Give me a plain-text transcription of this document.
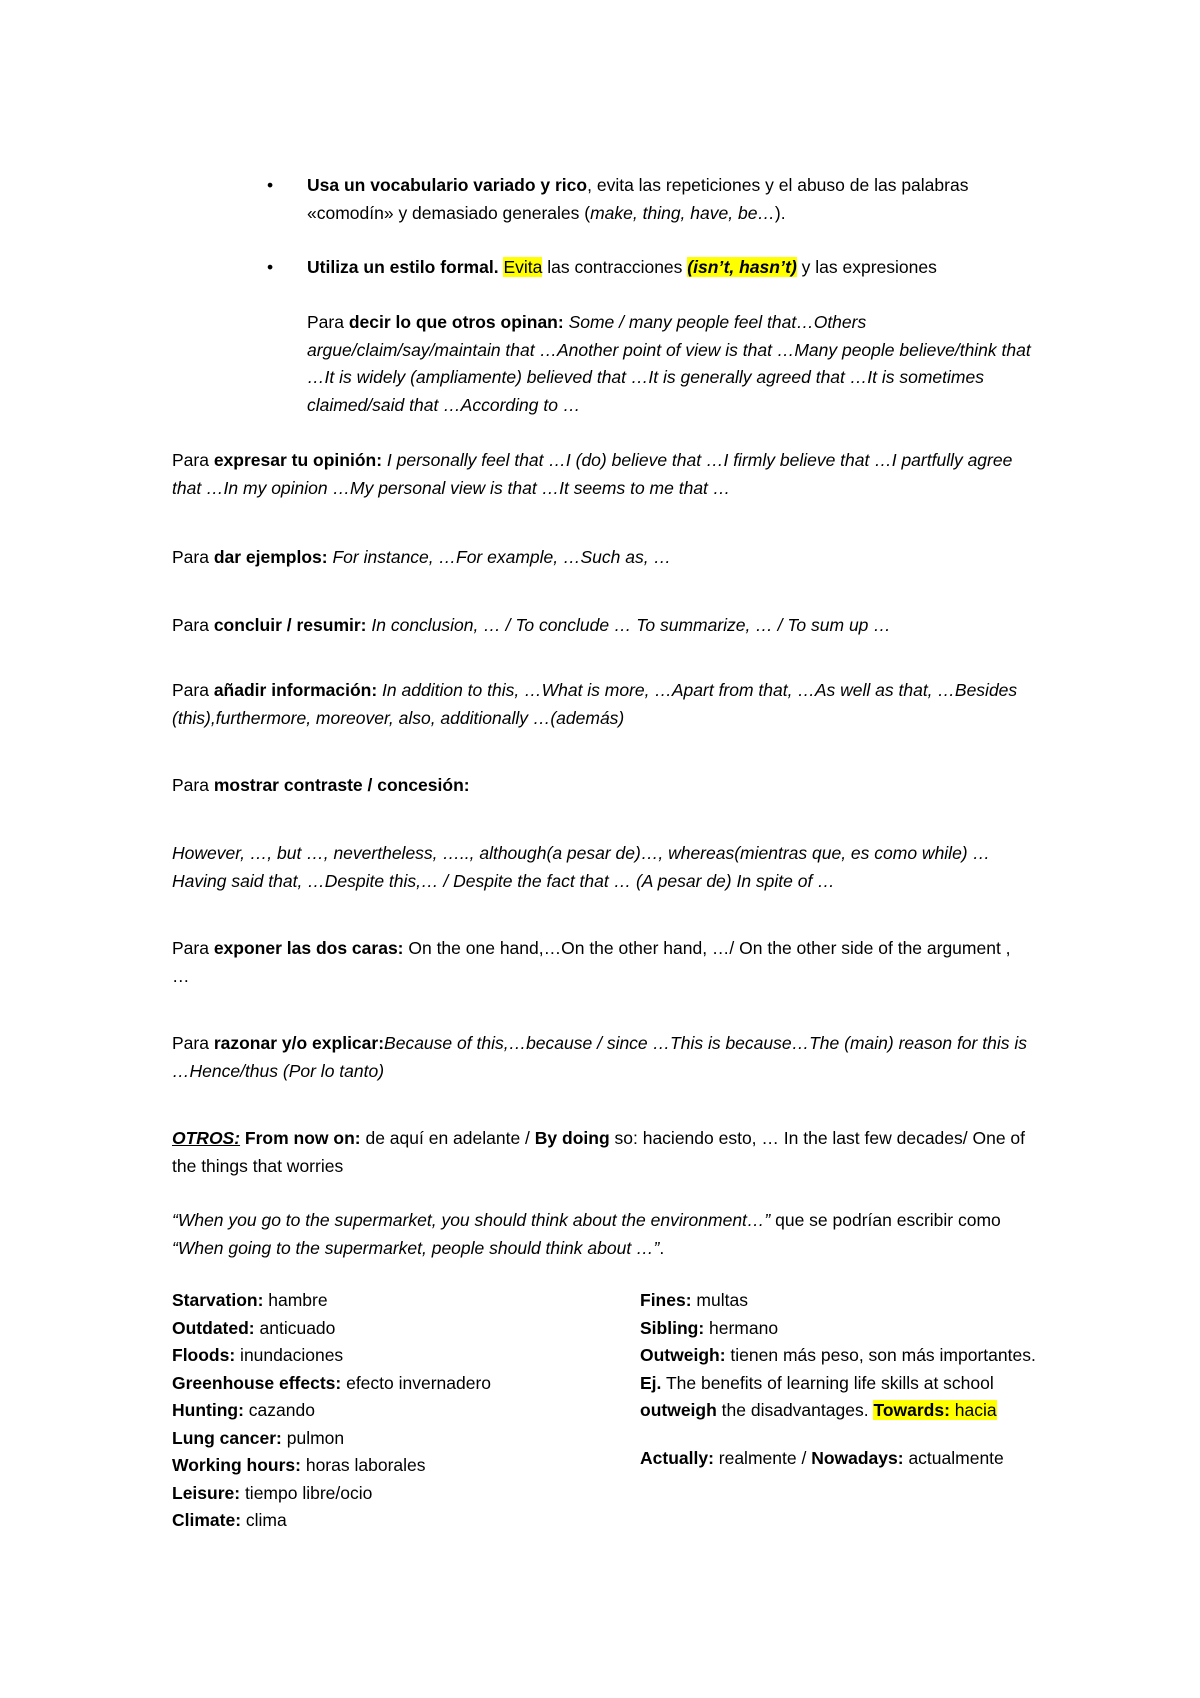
• Usa un vocabulario variado y rico, evita las repeticiones y el abuso de las palabras «comodín» y demasiado generales (make, thing, have, be…).

• Utiliza un estilo formal. Evita las contracciones (isn’t, hasn’t) y las expresiones

Para decir lo que otros opinan: Some / many people feel that…Others argue/claim/say/maintain that …Another point of view is that …Many people believe/think that …It is widely (ampliamente) believed that …It is generally agreed that …It is sometimes claimed/said that …According to …

Para expresar tu opinión: I personally feel that …I (do) believe that …I firmly believe that …I partfully agree that …In my opinion …My personal view is that …It seems to me that …

Para dar ejemplos: For instance, …For example, …Such as, …

Para concluir / resumir: In conclusion, … / To conclude … To summarize, … / To sum up …

Para añadir información: In addition to this, …What is more, …Apart from that, …As well as that, …Besides (this),furthermore, moreover, also, additionally …(además)

Para mostrar contraste / concesión:

However, …, but …, nevertheless, ….., although(a pesar de)…, whereas(mientras que, es como while) …Having said that, …Despite this,… / Despite the fact that … (A pesar de) In spite of …

Para exponer las dos caras: On the one hand,…On the other hand, …/ On the other side of the argument , …

Para razonar y/o explicar:Because of this,…because / since …This is because…The (main) reason for this is …Hence/thus (Por lo tanto)

OTROS: From now on: de aquí en adelante / By doing so: haciendo esto, … In the last few decades/ One of the things that worries

“When you go to the supermarket, you should think about the environment…” que se podrían escribir como “When going to the supermarket, people should think about …”.

Starvation: hambre

Outdated: anticuado

Floods: inundaciones

Greenhouse effects: efecto invernadero

Hunting: cazando

Lung cancer: pulmon

Working hours: horas laborales

Leisure: tiempo libre/ocio

Climate: clima

Fines: multas

Sibling: hermano

Outweigh: tienen más peso, son más importantes. Ej. The benefits of learning life skills at school outweigh the disadvantages. Towards: hacia

Actually: realmente / Nowadays: actualmente
